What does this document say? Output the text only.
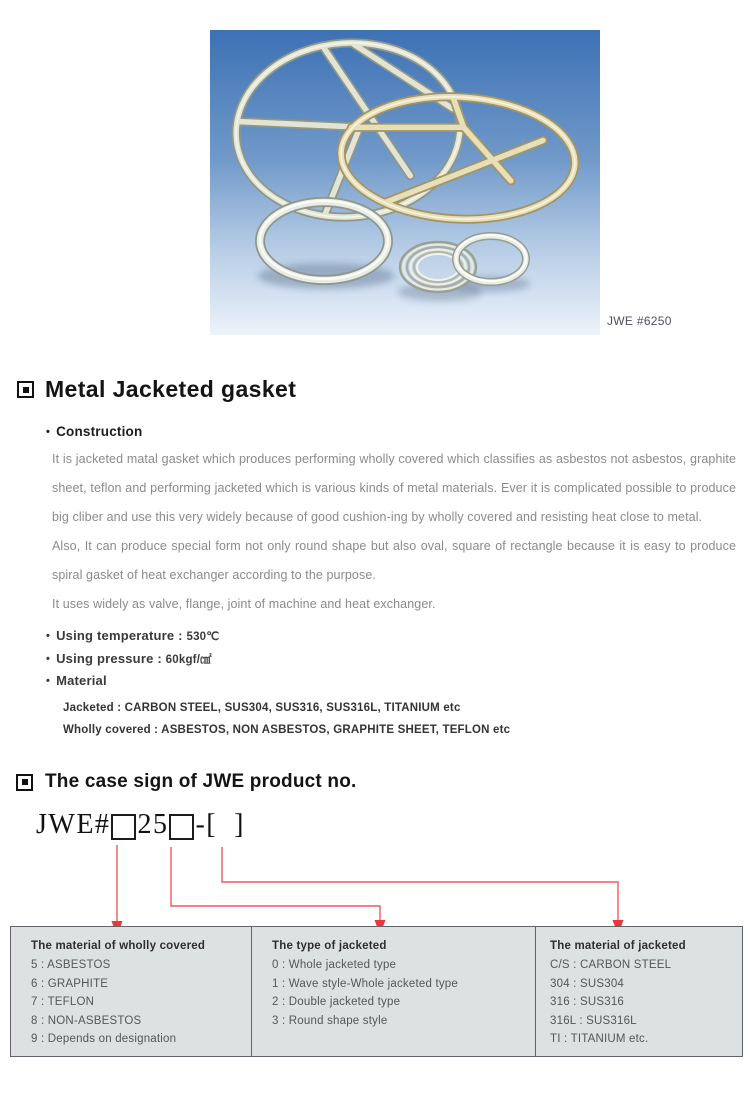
JWE #6250
Metal Jacketed gasket
• Construction

It is jacketed matal gasket which produces performing wholly covered which classifies as asbestos not asbestos, graphite sheet, teflon and performing jacketed which is various kinds of metal materials. Ever it is complicated possible to produce big cliber and use this very widely because of good cushion-ing by wholly covered and resisting heat close to metal.

Also, It can produce special form not only round shape but also oval, square of rectangle because it is easy to produce spiral gasket of heat exchanger according to the purpose.

It uses widely as valve, flange, joint of machine and heat exchanger.

• Using temperature : 530℃
• Using pressure : 60kgf/㎠
• Material
Jacketed : CARBON STEEL, SUS304, SUS316, SUS316L, TITANIUM etc
Wholly covered : ASBESTOS, NON ASBESTOS, GRAPHITE SHEET, TEFLON etc
The case sign of JWE product no.
JWE# 25 -[  ]
The material of wholly covered
5 : ASBESTOS
6 : GRAPHITE
7 : TEFLON
8 : NON-ASBESTOS
9 : Depends on designation
The type of jacketed
0 : Whole jacketed type
1 : Wave style-Whole jacketed type
2 : Double jacketed type
3 : Round shape style
The material of jacketed
C/S : CARBON STEEL
304 : SUS304
316 : SUS316
316L : SUS316L
TI : TITANIUM etc.
